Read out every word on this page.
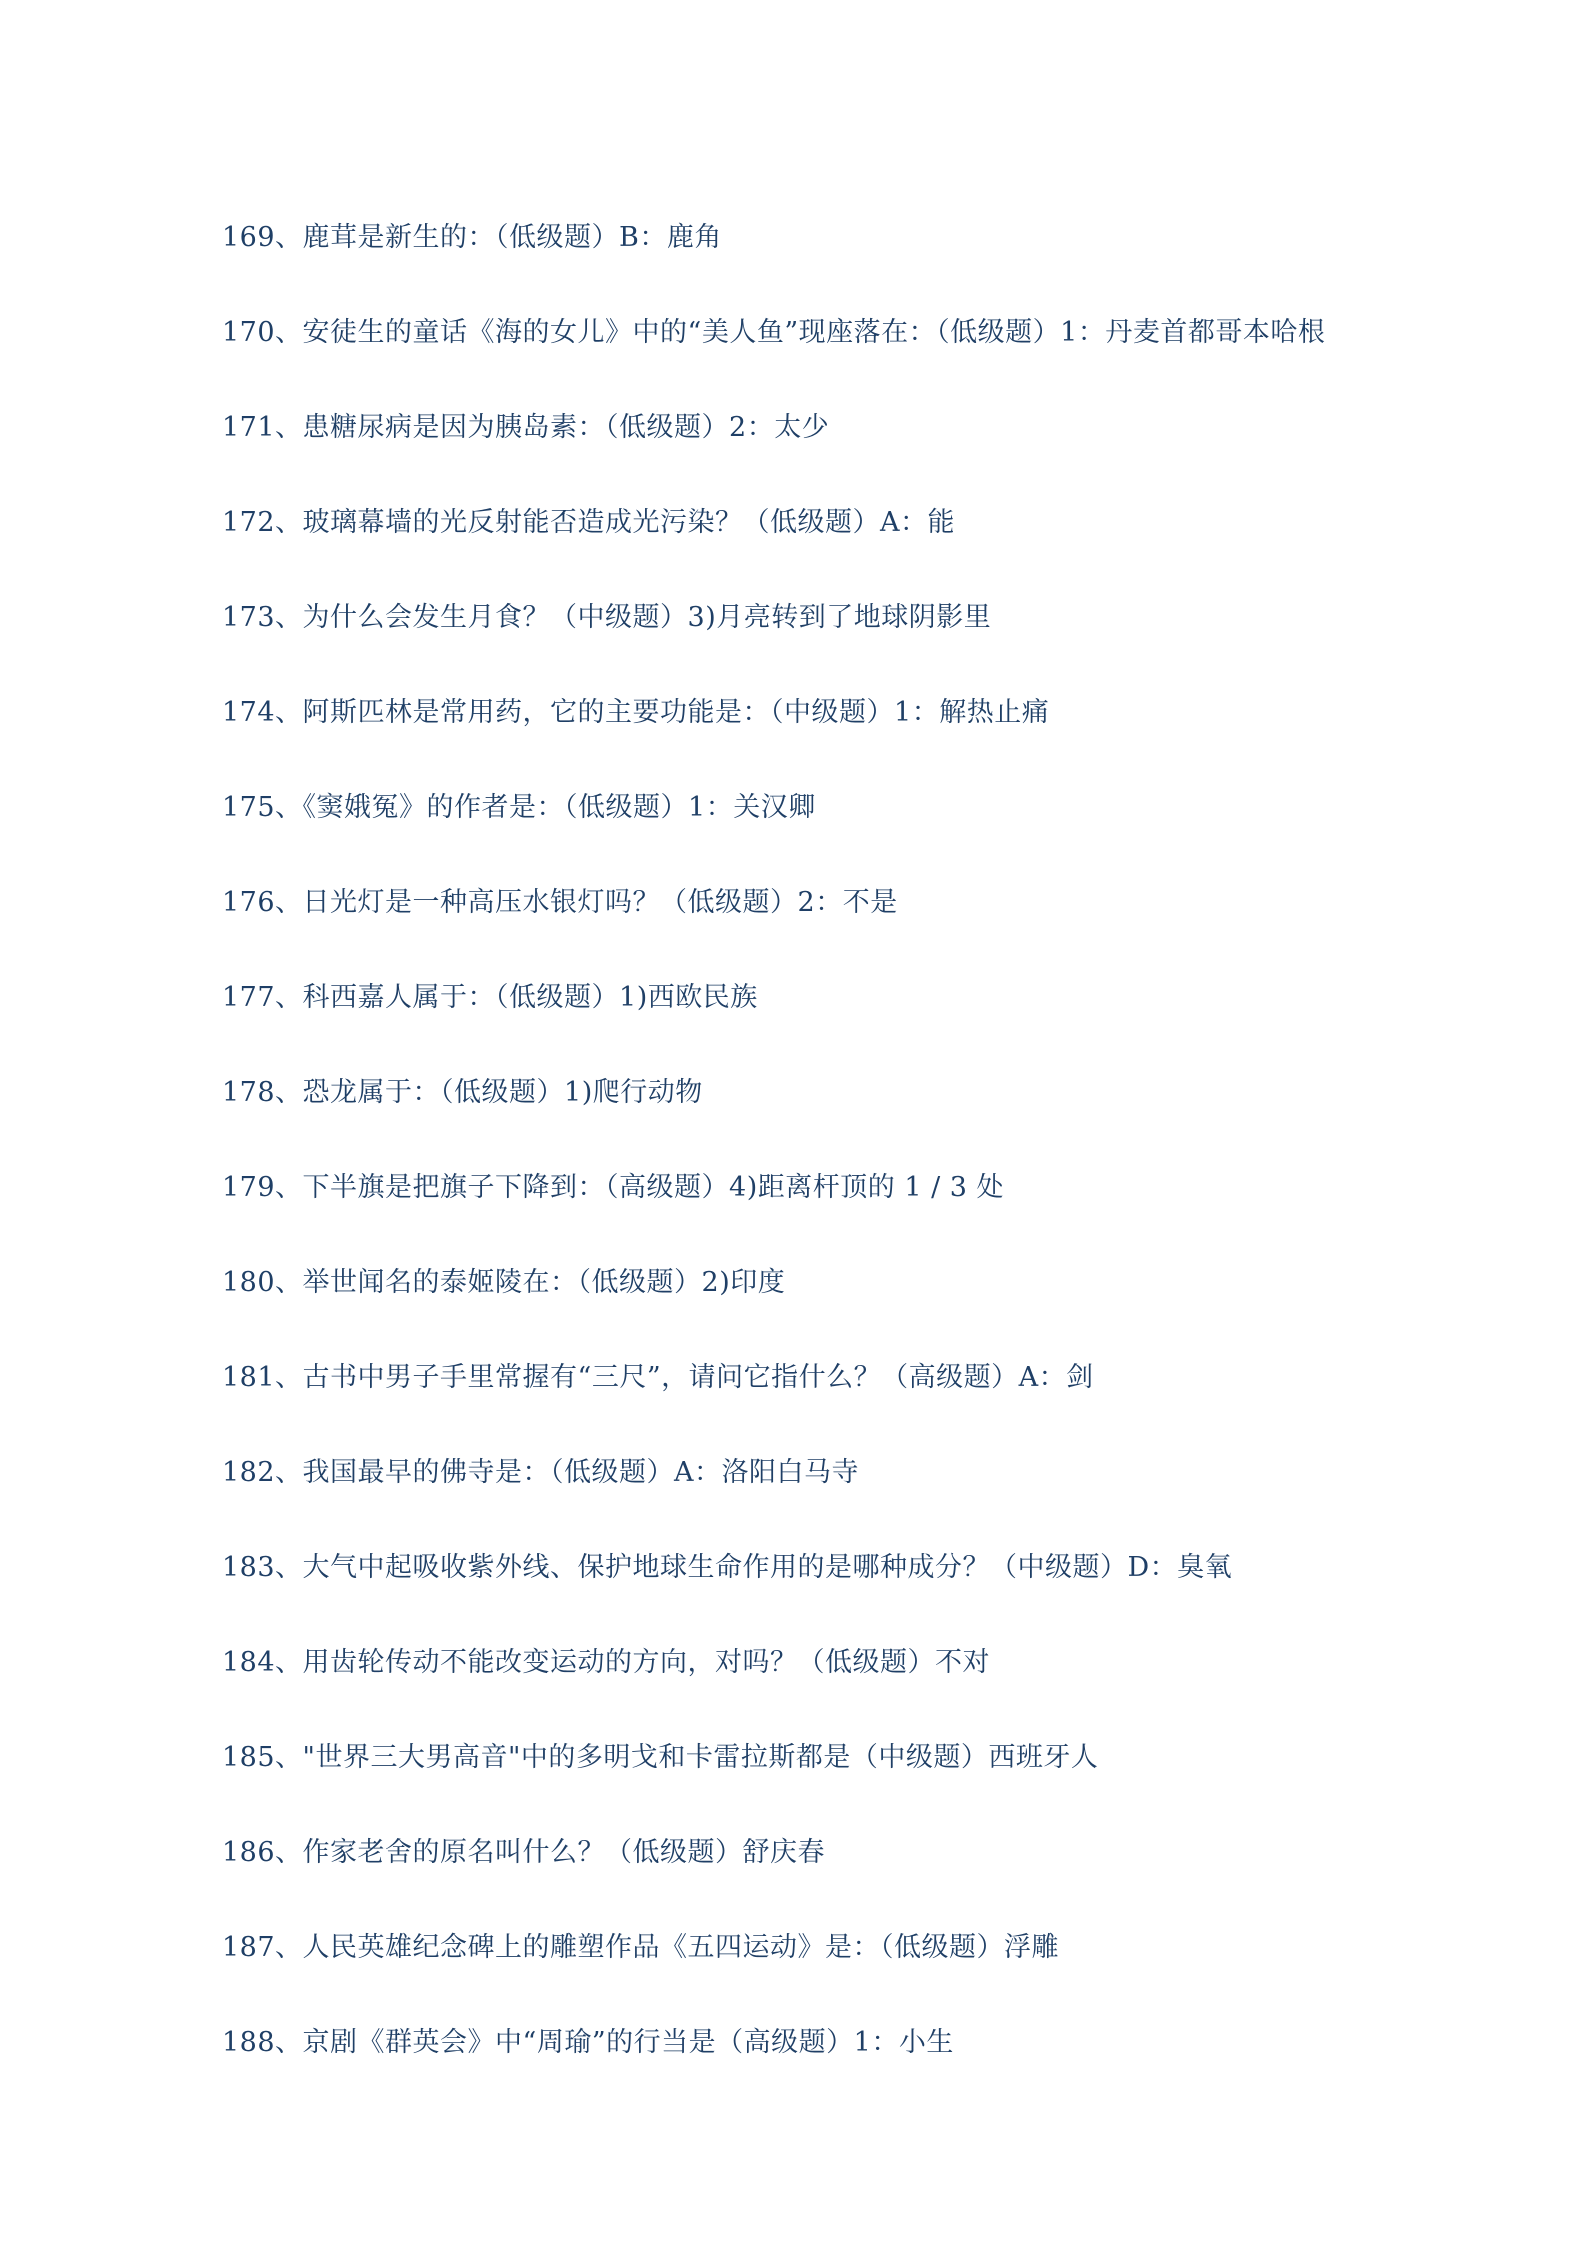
169、鹿茸是新生的：（低级题）B：鹿角
170、安徒生的童话《海的女儿》中的“美人鱼”现座落在：（低级题）1：丹麦首都哥本哈根
171、患糖尿病是因为胰岛素：（低级题）2：太少
172、玻璃幕墙的光反射能否造成光污染？（低级题）A：能
173、为什么会发生月食？（中级题）3)月亮转到了地球阴影里
174、阿斯匹林是常用药，它的主要功能是：（中级题）1：解热止痛
175、《窦娥冤》的作者是：（低级题）1：关汉卿
176、日光灯是一种高压水银灯吗？（低级题）2：不是
177、科西嘉人属于：（低级题）1)西欧民族
178、恐龙属于：（低级题）1)爬行动物
179、下半旗是把旗子下降到：（高级题）4)距离杆顶的 1 / 3 处
180、举世闻名的泰姬陵在：（低级题）2)印度
181、古书中男子手里常握有“三尺”，请问它指什么？（高级题）A：剑
182、我国最早的佛寺是：（低级题）A：洛阳白马寺
183、大气中起吸收紫外线、保护地球生命作用的是哪种成分？（中级题）D：臭氧
184、用齿轮传动不能改变运动的方向，对吗？（低级题）不对
185、"世界三大男高音"中的多明戈和卡雷拉斯都是（中级题）西班牙人
186、作家老舍的原名叫什么？（低级题）舒庆春
187、人民英雄纪念碑上的雕塑作品《五四运动》是：（低级题）浮雕
188、京剧《群英会》中“周瑜”的行当是（高级题）1：小生
